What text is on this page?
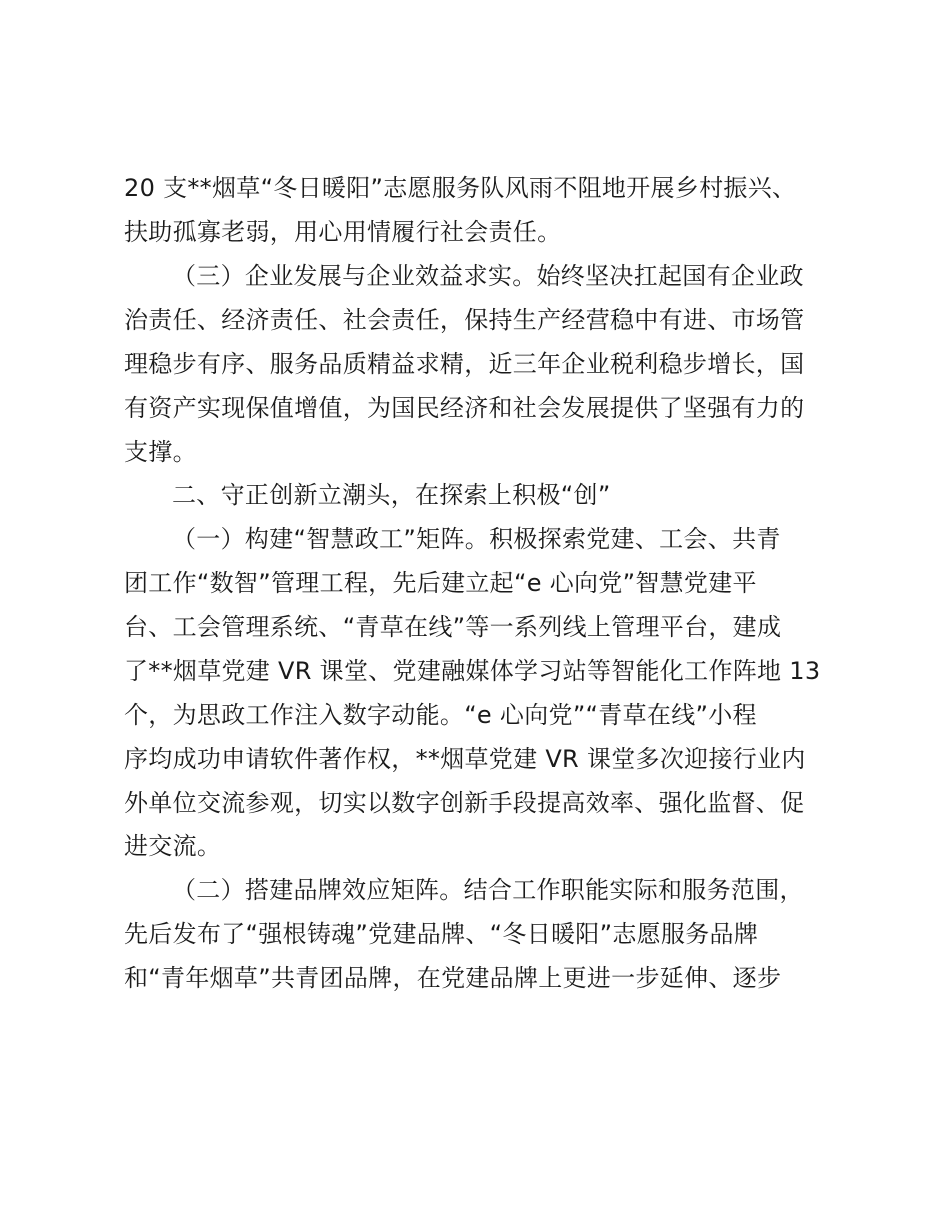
20 支**烟草“冬日暖阳”志愿服务队风雨不阻地开展乡村振兴、
扶助孤寡老弱，用心用情履行社会责任。
（三）企业发展与企业效益求实。始终坚决扛起国有企业政
治责任、经济责任、社会责任，保持生产经营稳中有进、市场管
理稳步有序、服务品质精益求精，近三年企业税利稳步增长，国
有资产实现保值增值，为国民经济和社会发展提供了坚强有力的
支撑。
二、守正创新立潮头，在探索上积极“创”
（一）构建“智慧政工”矩阵。积极探索党建、工会、共青
团工作“数智”管理工程，先后建立起“e 心向党”智慧党建平
台、工会管理系统、“青草在线”等一系列线上管理平台，建成
了**烟草党建 VR 课堂、党建融媒体学习站等智能化工作阵地 13
个，为思政工作注入数字动能。“e 心向党”“青草在线”小程
序均成功申请软件著作权，**烟草党建 VR 课堂多次迎接行业内
外单位交流参观，切实以数字创新手段提高效率、强化监督、促
进交流。
（二）搭建品牌效应矩阵。结合工作职能实际和服务范围，
先后发布了“强根铸魂”党建品牌、“冬日暖阳”志愿服务品牌
和“青年烟草”共青团品牌，在党建品牌上更进一步延伸、逐步
